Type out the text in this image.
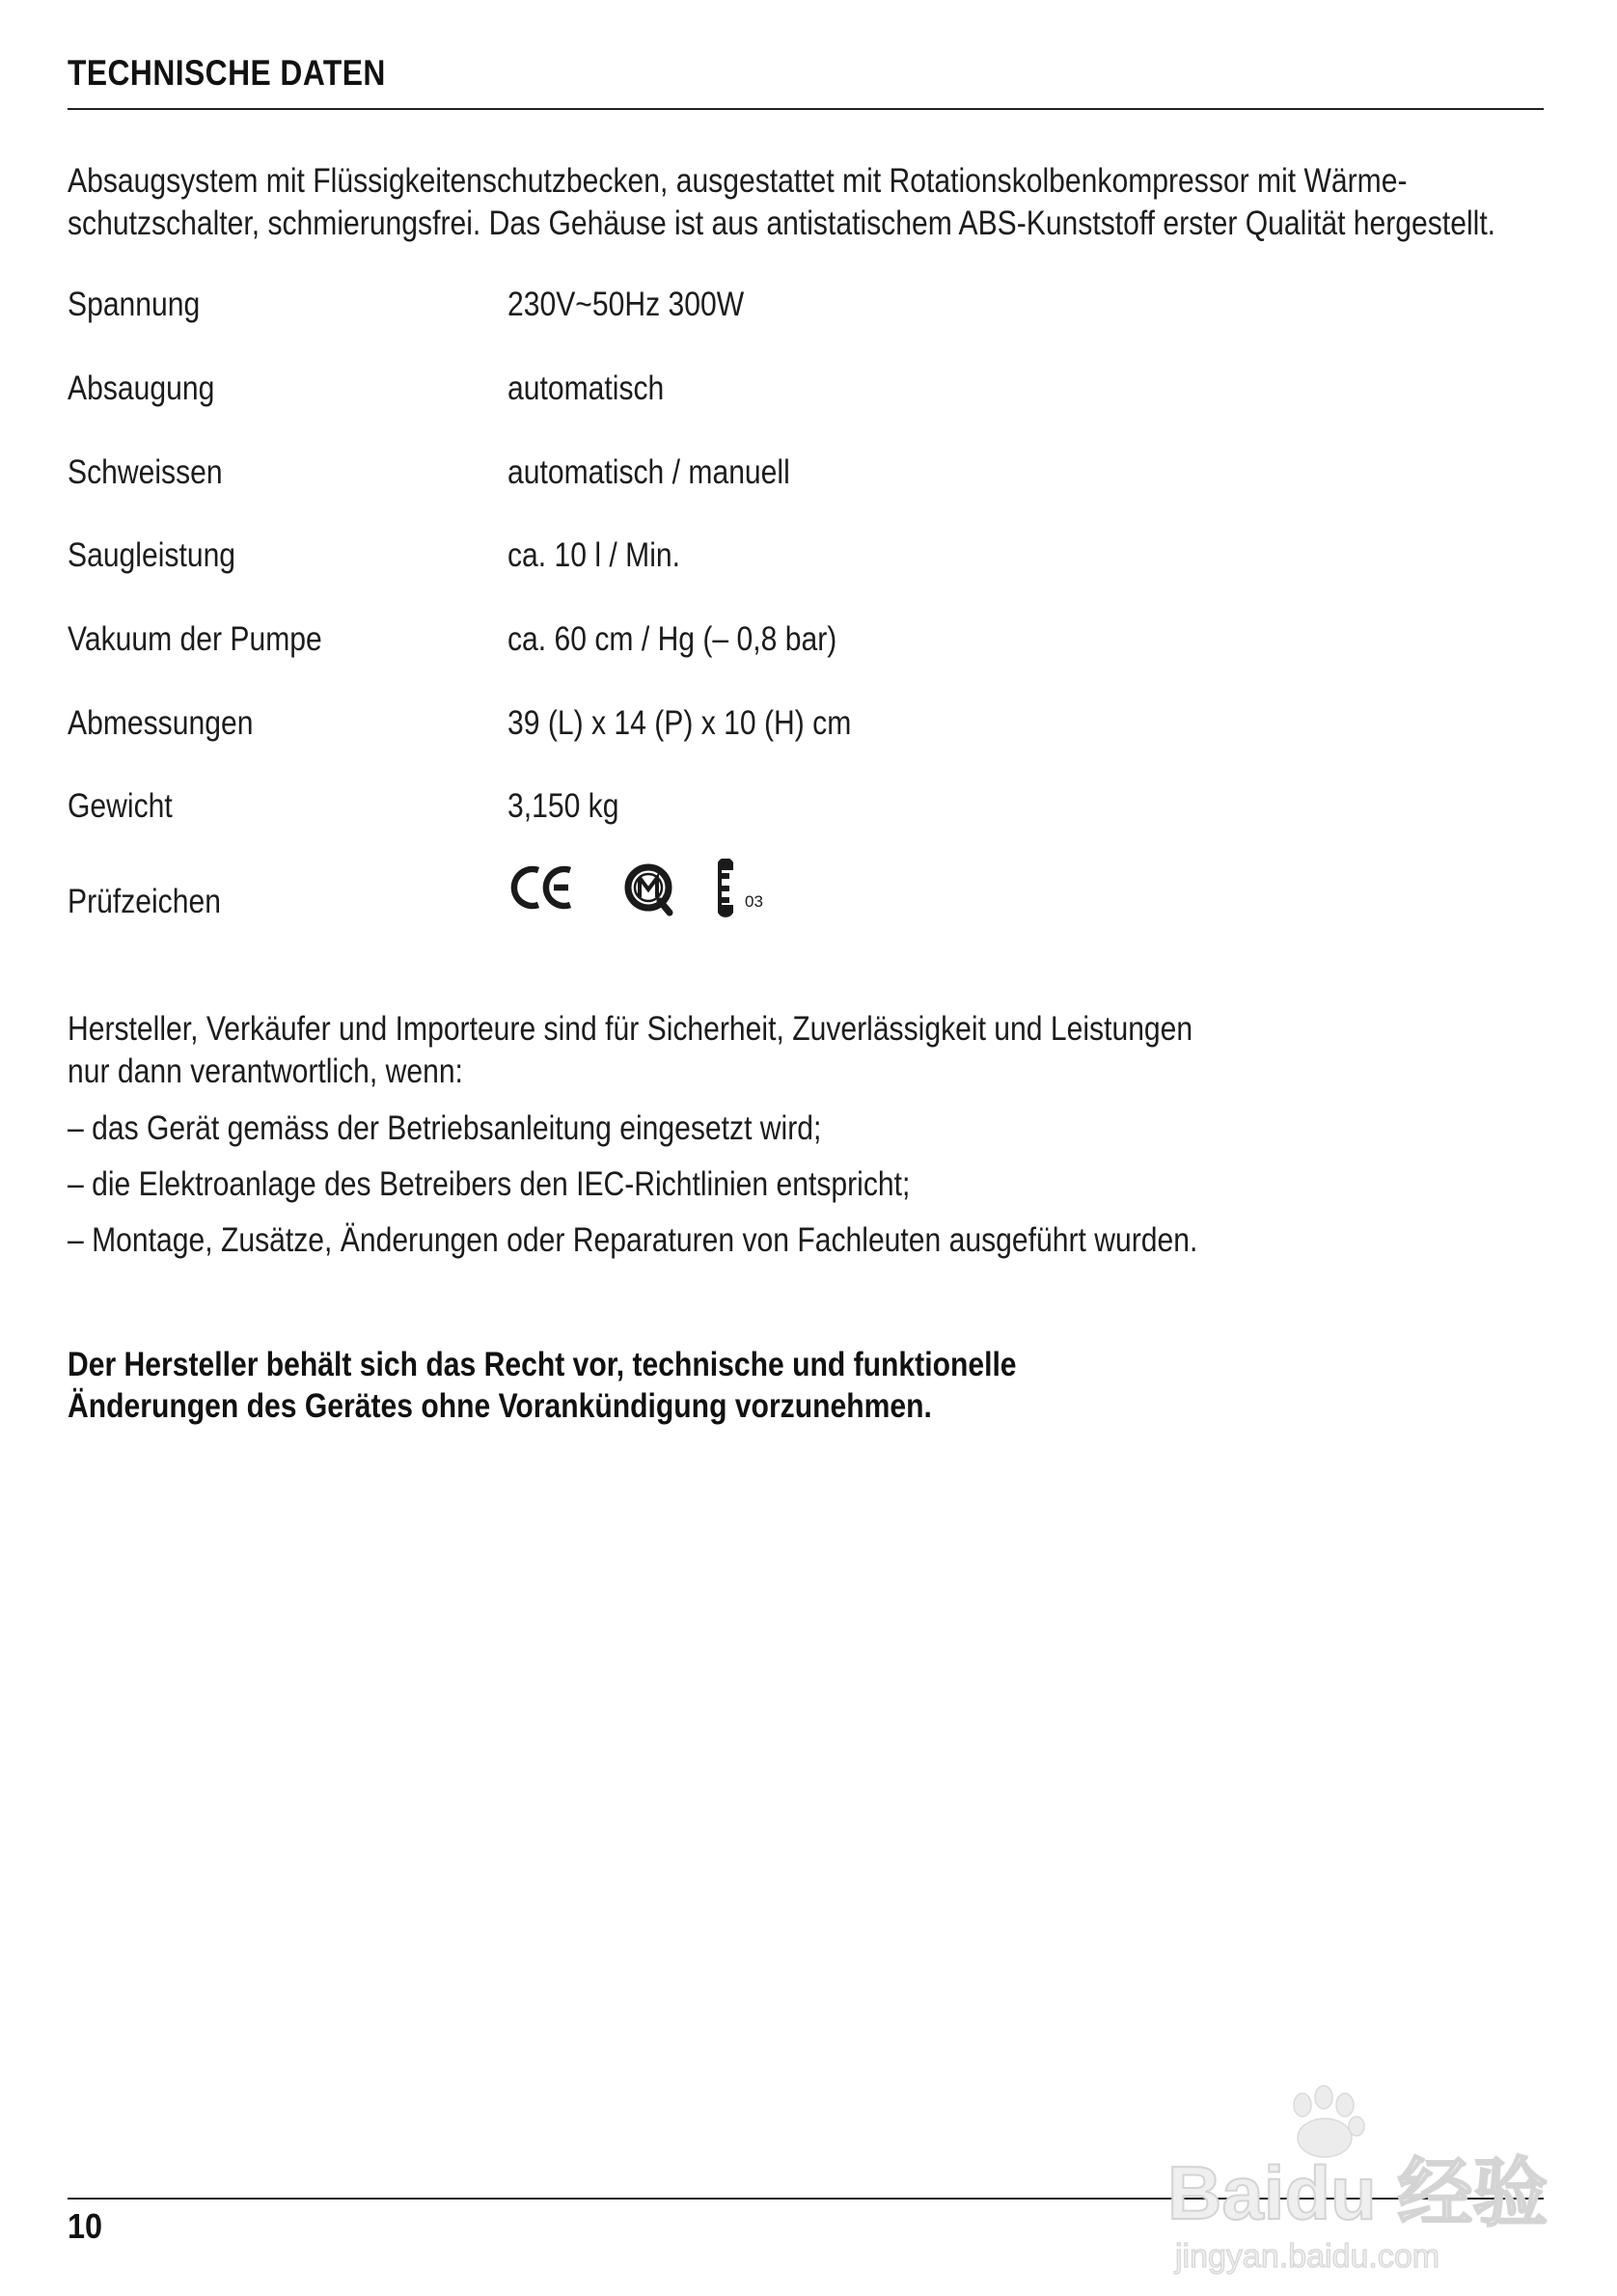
TECHNISCHE DATEN
Absaugsystem mit Flüssigkeitenschutzbecken, ausgestattet mit Rotationskolbenkompressor mit Wärme-
schutzschalter, schmierungsfrei. Das Gehäuse ist aus antistatischem ABS-Kunststoff erster Qualität hergestellt.
Spannung	230V~50Hz 300W
Absaugung	automatisch
Schweissen	automatisch / manuell
Saugleistung	ca. 10 l / Min.
Vakuum der Pumpe	ca. 60 cm / Hg (– 0,8 bar)
Abmessungen	39 (L) x 14 (P) x 10 (H) cm
Gewicht	3,150 kg
Prüfzeichen	03
Hersteller, Verkäufer und Importeure sind für Sicherheit, Zuverlässigkeit und Leistungen
nur dann verantwortlich, wenn:
– das Gerät gemäss der Betriebsanleitung eingesetzt wird;
– die Elektroanlage des Betreibers den IEC-Richtlinien entspricht;
– Montage, Zusätze, Änderungen oder Reparaturen von Fachleuten ausgeführt wurden.
Der Hersteller behält sich das Recht vor, technische und funktionelle
Änderungen des Gerätes ohne Vorankündigung vorzunehmen.
10	Baidu 经验
jingyan.baidu.com
